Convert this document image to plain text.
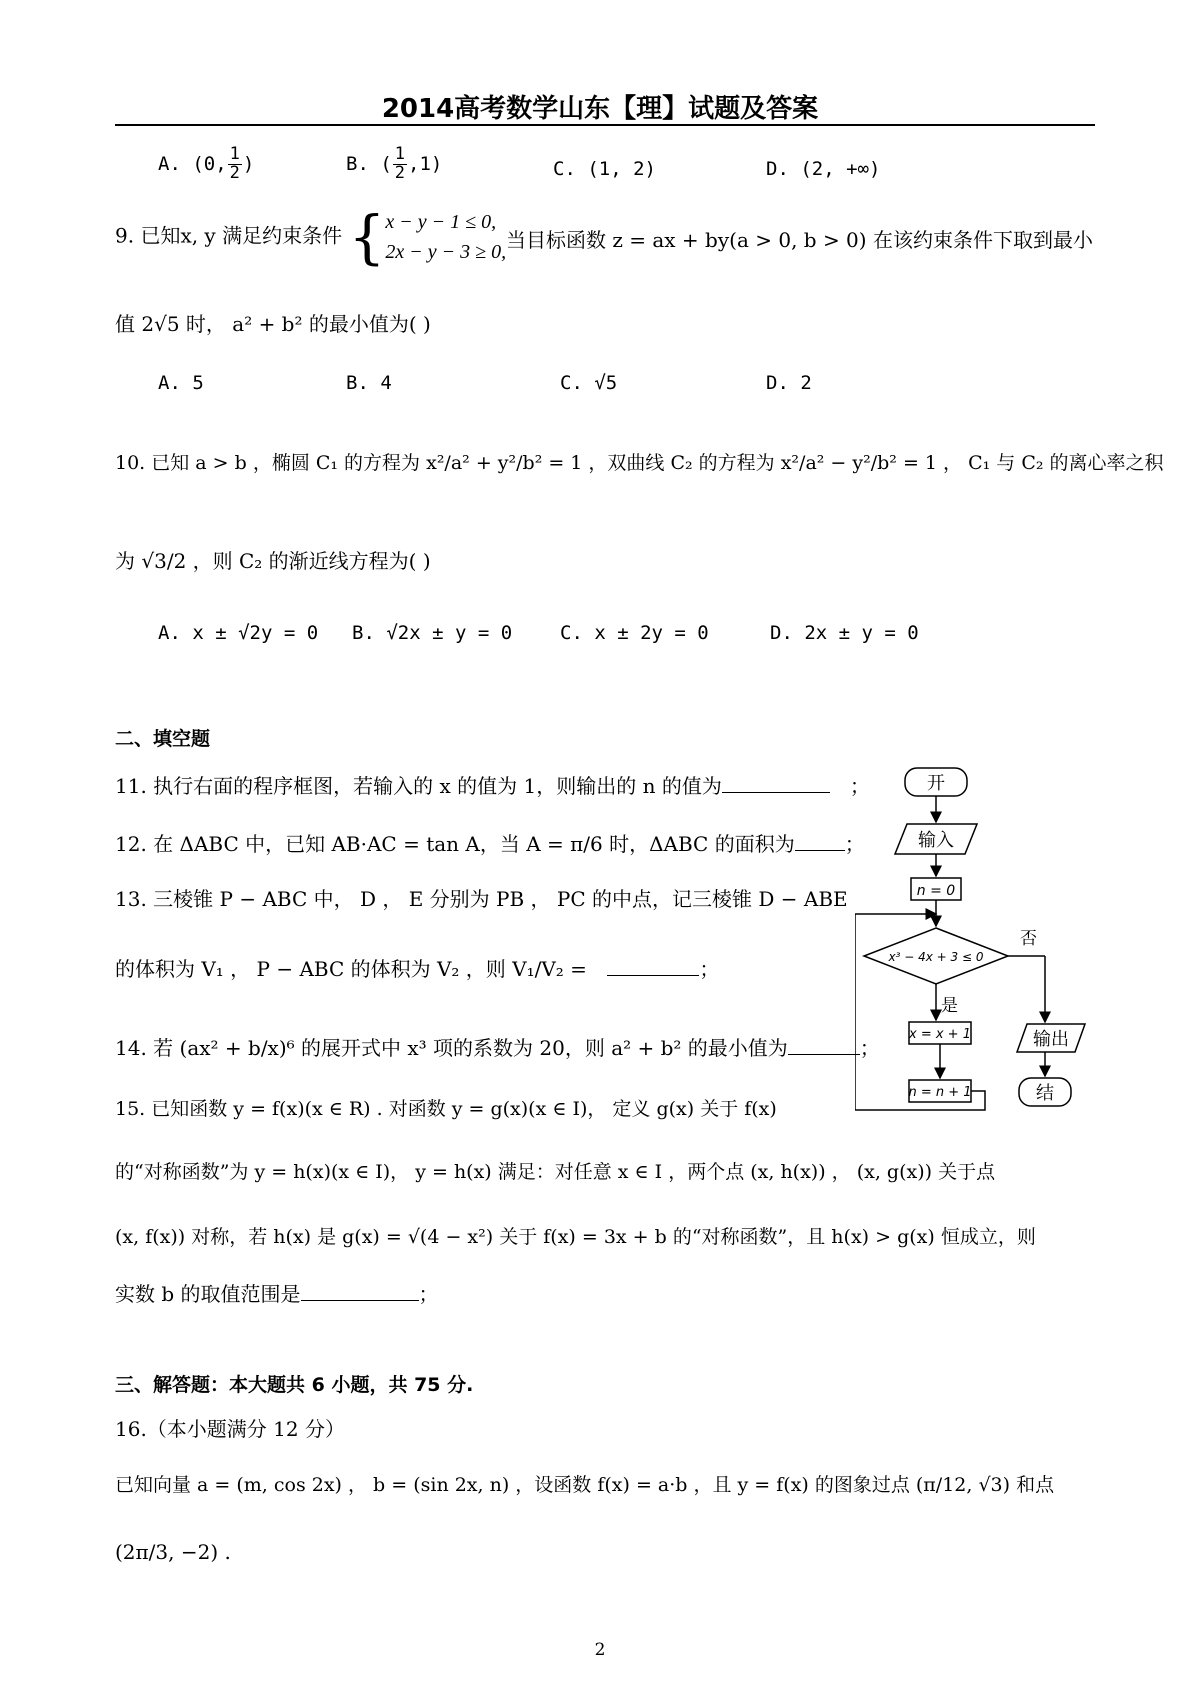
2014高考数学山东【理】试题及答案
A. (0, $\frac{1}{2}$ )	B. ( $\frac{1}{2} ,1$)	C. (1, 2)	D. (2, +∞)
9. 已知x, y 满足约束条件 { x − y − 1 ≤ 0,
2x − y − 3 ≥ 0, 当目标函数 z = ax + by(a > 0, b > 0) 在该约束条件下取到最小
值 2√5 时， a² + b² 的最小值为( )
A. 5	B. 4	C. √5	D. 2
10. 已知 a > b ，椭圆 C₁ 的方程为 x²/a² + y²/b² = 1 ，双曲线 C₂ 的方程为 x²/a² − y²/b² = 1 ， C₁ 与 C₂ 的离心率之积
为 √3/2 ，则 C₂ 的渐近线方程为( )
A. x ± √2y = 0 B. √2x ± y = 0	C. x ± 2y = 0	D. 2x ± y = 0
二、填空题
11. 执行右面的程序框图，若输入的 x 的值为 1，则输出的 n 的值为	；
12. 在 ΔABC 中，已知 AB·AC = tan A，当 A = π/6 时，ΔABC 的面积为	；
13. 三棱锥 P − ABC 中， D ， E 分别为 PB ， PC 的中点，记三棱锥 D − ABE
的体积为 V₁ ， P − ABC 的体积为 V₂ ，则 V₁/V₂ =	；
14. 若 (ax² + b/x)⁶ 的展开式中 x³ 项的系数为 20，则 a² + b² 的最小值为	；
15. 已知函数 y = f(x)(x ∈ R) . 对函数 y = g(x)(x ∈ I)， 定义 g(x) 关于 f(x)
的“对称函数”为 y = h(x)(x ∈ I)， y = h(x) 满足：对任意 x ∈ I ，两个点 (x, h(x)) ， (x, g(x)) 关于点
(x, f(x)) 对称，若 h(x) 是 g(x) = √(4 − x²) 关于 f(x) = 3x + b 的“对称函数”，且 h(x) > g(x) 恒成立，则
实数 b 的取值范围是	；
开
输入
n = 0
x³ − 4x + 3 ≤ 0
否
是
x = x + 1
n = n + 1
输出
结
三、解答题：本大题共 6 小题，共 75 分.
16.（本小题满分 12 分）
已知向量 a = (m, cos 2x) ， b = (sin 2x, n) ，设函数 f(x) = a·b ，且 y = f(x) 的图象过点 (π/12, √3) 和点
(2π/3, −2) .
2
